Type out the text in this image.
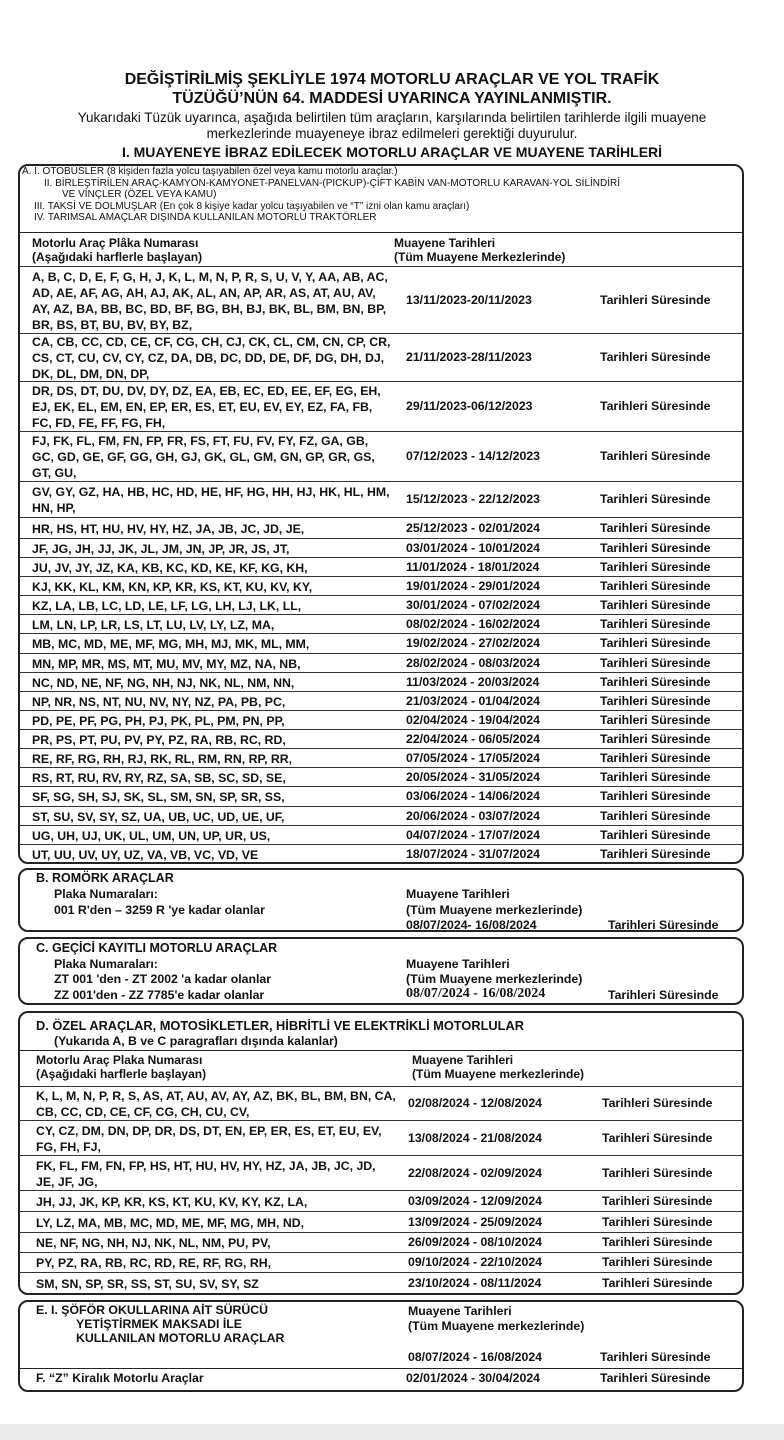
DEĞİŞTİRİLMİŞ ŞEKLİYLE 1974 MOTORLU ARAÇLAR VE YOL TRAFİK
TÜZÜĞÜ’NÜN 64. MADDESİ UYARINCA YAYINLANMIŞTIR.
Yukarıdaki Tüzük uyarınca, aşağıda belirtilen tüm araçların, karşılarında belirtilen tarihlerde ilgili muayene
merkezlerinde muayeneye ibraz edilmeleri gerektiği duyurulur.
I. MUAYENEYE İBRAZ EDİLECEK MOTORLU ARAÇLAR VE MUAYENE TARİHLERİ
A. I. OTOBÜSLER (8 kişiden fazla yolcu taşıyabilen özel veya kamu motorlu araçlar.)
II. BİRLEŞTİRİLEN ARAÇ-KAMYON-KAMYONET-PANELVAN-(PICKUP)-ÇİFT KABİN VAN-MOTORLU KARAVAN-YOL SİLİNDİRİ
VE VİNÇLER (ÖZEL VEYA KAMU)
III. TAKSİ VE DOLMUŞLAR (En çok 8 kişiye kadar yolcu taşıyabilen ve “T” izni olan kamu araçları)
IV. TARIMSAL AMAÇLAR DIŞINDA KULLANILAN MOTORLU TRAKTÖRLER
Motorlu Araç Plâka Numarası
(Aşağıdaki harflerle başlayan)
Muayene Tarihleri
(Tüm Muayene Merkezlerinde)
A, B, C, D, E, F, G, H, J, K, L, M, N, P, R, S, U, V, Y, AA, AB, AC, AD, AE, AF, AG, AH, AJ, AK, AL, AN, AP, AR, AS, AT, AU, AV, AY, AZ, BA, BB, BC, BD, BF, BG, BH, BJ, BK, BL, BM, BN, BP, BR, BS, BT, BU, BV, BY, BZ,
13/11/2023-20/11/2023	Tarihleri Süresinde
CA, CB, CC, CD, CE, CF, CG, CH, CJ, CK, CL, CM, CN, CP, CR, CS, CT, CU, CV, CY, CZ, DA, DB, DC, DD, DE, DF, DG, DH, DJ, DK, DL, DM, DN, DP,
21/11/2023-28/11/2023	Tarihleri Süresinde
DR, DS, DT, DU, DV, DY, DZ, EA, EB, EC, ED, EE, EF, EG, EH, EJ, EK, EL, EM, EN, EP, ER, ES, ET, EU, EV, EY, EZ, FA, FB, FC, FD, FE, FF, FG, FH,
29/11/2023-06/12/2023	Tarihleri Süresinde
FJ, FK, FL, FM, FN, FP, FR, FS, FT, FU, FV, FY, FZ, GA, GB, GC, GD, GE, GF, GG, GH, GJ, GK, GL, GM, GN, GP, GR, GS, GT, GU,
07/12/2023 - 14/12/2023	Tarihleri Süresinde
GV, GY, GZ, HA, HB, HC, HD, HE, HF, HG, HH, HJ, HK, HL, HM, HN, HP,
15/12/2023 - 22/12/2023	Tarihleri Süresinde
HR, HS, HT, HU, HV, HY, HZ, JA, JB, JC, JD, JE,	25/12/2023 - 02/01/2024	Tarihleri Süresinde
JF, JG, JH, JJ, JK, JL, JM, JN, JP, JR, JS, JT,	03/01/2024 - 10/01/2024	Tarihleri Süresinde
JU, JV, JY, JZ, KA, KB, KC, KD, KE, KF, KG, KH,	11/01/2024 - 18/01/2024	Tarihleri Süresinde
KJ, KK, KL, KM, KN, KP, KR, KS, KT, KU, KV, KY,	19/01/2024 - 29/01/2024	Tarihleri Süresinde
KZ, LA, LB, LC, LD, LE, LF, LG, LH, LJ, LK, LL,	30/01/2024 - 07/02/2024	Tarihleri Süresinde
LM, LN, LP, LR, LS, LT, LU, LV, LY, LZ, MA,	08/02/2024 - 16/02/2024	Tarihleri Süresinde
MB, MC, MD, ME, MF, MG, MH, MJ, MK, ML, MM,	19/02/2024 - 27/02/2024	Tarihleri Süresinde
MN, MP, MR, MS, MT, MU, MV, MY, MZ, NA, NB,	28/02/2024 - 08/03/2024	Tarihleri Süresinde
NC, ND, NE, NF, NG, NH, NJ, NK, NL, NM, NN,	11/03/2024 - 20/03/2024	Tarihleri Süresinde
NP, NR, NS, NT, NU, NV, NY, NZ, PA, PB, PC,	21/03/2024 - 01/04/2024	Tarihleri Süresinde
PD, PE, PF, PG, PH, PJ, PK, PL, PM, PN, PP,	02/04/2024 - 19/04/2024	Tarihleri Süresinde
PR, PS, PT, PU, PV, PY, PZ, RA, RB, RC, RD,	22/04/2024 - 06/05/2024	Tarihleri Süresinde
RE, RF, RG, RH, RJ, RK, RL, RM, RN, RP, RR,	07/05/2024 - 17/05/2024	Tarihleri Süresinde
RS, RT, RU, RV, RY, RZ, SA, SB, SC, SD, SE,	20/05/2024 - 31/05/2024	Tarihleri Süresinde
SF, SG, SH, SJ, SK, SL, SM, SN, SP, SR, SS,	03/06/2024 - 14/06/2024	Tarihleri Süresinde
ST, SU, SV, SY, SZ, UA, UB, UC, UD, UE, UF,	20/06/2024 - 03/07/2024	Tarihleri Süresinde
UG, UH, UJ, UK, UL, UM, UN, UP, UR, US,	04/07/2024 - 17/07/2024	Tarihleri Süresinde
UT, UU, UV, UY, UZ, VA, VB, VC, VD, VE	18/07/2024 - 31/07/2024	Tarihleri Süresinde
B. ROMÖRK ARAÇLAR
Plaka Numaraları:
001 R'den – 3259 R 'ye kadar olanlar
Muayene Tarihleri
(Tüm Muayene merkezlerinde)
08/07/2024- 16/08/2024	Tarihleri Süresinde
C. GEÇİCİ KAYITLI MOTORLU ARAÇLAR
Plaka Numaraları:
ZT 001 'den - ZT 2002 'a kadar olanlar
ZZ 001'den - ZZ 7785'e kadar olanlar
Muayene Tarihleri
(Tüm Muayene merkezlerinde)
08/07/2024 - 16/08/2024	Tarihleri Süresinde
D. ÖZEL ARAÇLAR, MOTOSİKLETLER, HİBRİTLİ VE ELEKTRİKLİ MOTORLULAR
(Yukarıda A, B ve C paragrafları dışında kalanlar)
Motorlu Araç Plaka Numarası
(Aşağıdaki harflerle başlayan)
Muayene Tarihleri
(Tüm Muayene merkezlerinde)
K, L, M, N, P, R, S, AS, AT, AU, AV, AY, AZ, BK, BL, BM, BN, CA, CB, CC, CD, CE, CF, CG, CH, CU, CV,
02/08/2024 - 12/08/2024	Tarihleri Süresinde
CY, CZ, DM, DN, DP, DR, DS, DT, EN, EP, ER, ES, ET, EU, EV, FG, FH, FJ,
13/08/2024 - 21/08/2024	Tarihleri Süresinde
FK, FL, FM, FN, FP, HS, HT, HU, HV, HY, HZ, JA, JB, JC, JD, JE, JF, JG,
22/08/2024 - 02/09/2024	Tarihleri Süresinde
JH, JJ, JK, KP, KR, KS, KT, KU, KV, KY, KZ, LA,	03/09/2024 - 12/09/2024	Tarihleri Süresinde
LY, LZ, MA, MB, MC, MD, ME, MF, MG, MH, ND,	13/09/2024 - 25/09/2024	Tarihleri Süresinde
NE, NF, NG, NH, NJ, NK, NL, NM, PU, PV,	26/09/2024 - 08/10/2024	Tarihleri Süresinde
PY, PZ, RA, RB, RC, RD, RE, RF, RG, RH,	09/10/2024 - 22/10/2024	Tarihleri Süresinde
SM, SN, SP, SR, SS, ST, SU, SV, SY, SZ	23/10/2024 - 08/11/2024	Tarihleri Süresinde
E. I. ŞÖFÖR OKULLARINA AİT SÜRÜCÜ
YETİŞTİRMEK MAKSADI İLE
KULLANILAN MOTORLU ARAÇLAR
Muayene Tarihleri
(Tüm Muayene merkezlerinde)
08/07/2024 - 16/08/2024	Tarihleri Süresinde
F. “Z” Kiralık Motorlu Araçlar	02/01/2024 - 30/04/2024	Tarihleri Süresinde
